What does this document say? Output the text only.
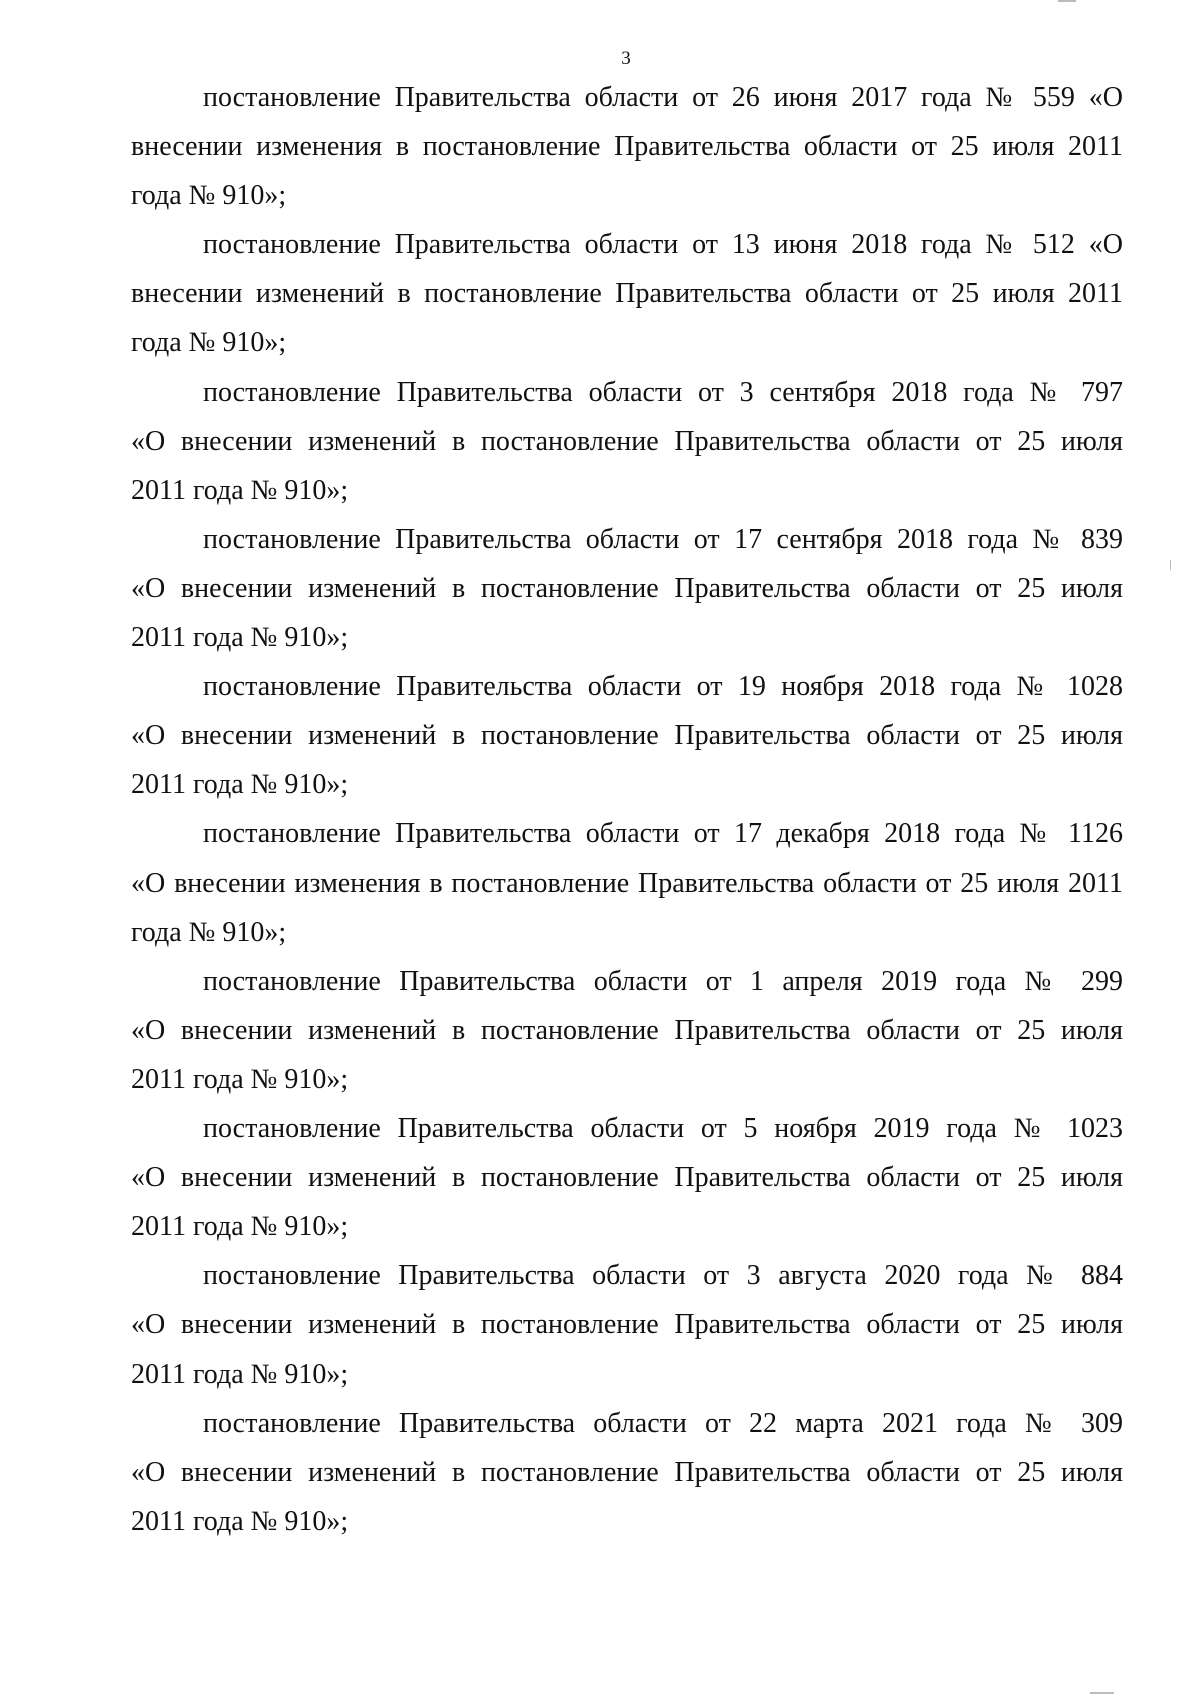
3

постановление Правительства области от 26 июня 2017 года № 559 «О
внесении изменения в постановление Правительства области от 25 июля 2011
года № 910»;

постановление Правительства области от 13 июня 2018 года № 512 «О
внесении изменений в постановление Правительства области от 25 июля 2011
года № 910»;

постановление Правительства области от 3 сентября 2018 года № 797
«О внесении изменений в постановление Правительства области от 25 июля
2011 года № 910»;

постановление Правительства области от 17 сентября 2018 года № 839
«О внесении изменений в постановление Правительства области от 25 июля
2011 года № 910»;

постановление Правительства области от 19 ноября 2018 года № 1028
«О внесении изменений в постановление Правительства области от 25 июля
2011 года № 910»;

постановление Правительства области от 17 декабря 2018 года № 1126
«О внесении изменения в постановление Правительства области от 25 июля 2011
года № 910»;

постановление Правительства области от 1 апреля 2019 года № 299
«О внесении изменений в постановление Правительства области от 25 июля
2011 года № 910»;

постановление Правительства области от 5 ноября 2019 года № 1023
«О внесении изменений в постановление Правительства области от 25 июля
2011 года № 910»;

постановление Правительства области от 3 августа 2020 года № 884
«О внесении изменений в постановление Правительства области от 25 июля
2011 года № 910»;

постановление Правительства области от 22 марта 2021 года № 309
«О внесении изменений в постановление Правительства области от 25 июля
2011 года № 910»;
